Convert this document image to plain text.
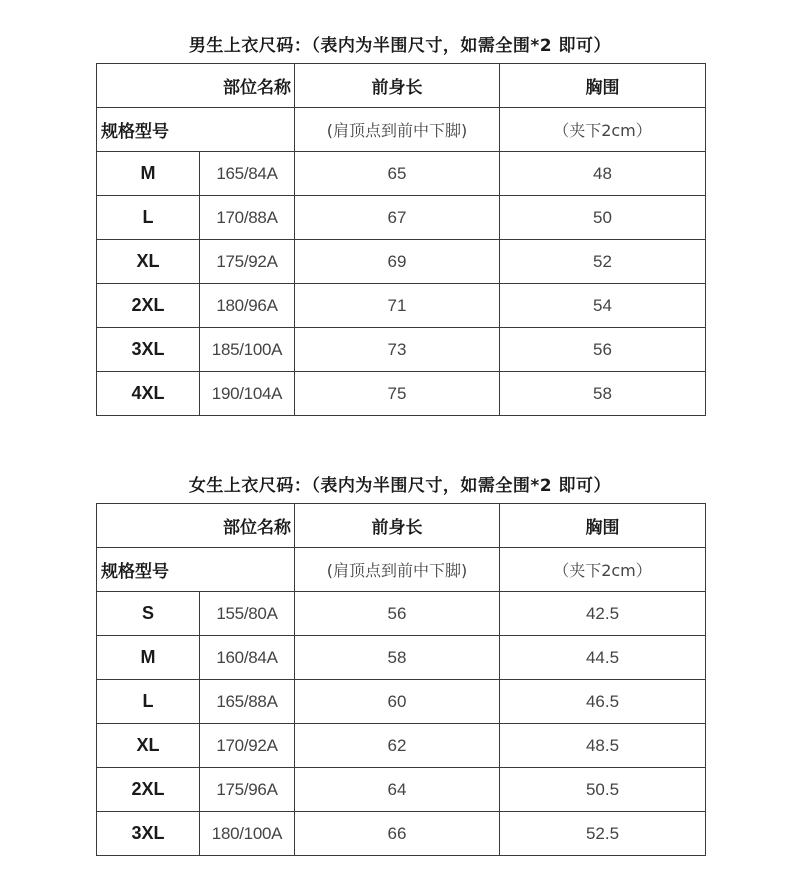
男生上衣尺码：（表内为半围尺寸，如需全围*2 即可）
部位名称		前身长	胸围
规格型号		(肩顶点到前中下脚)	（夹下2cm）
M	165/84A	65	48
L	170/88A	67	50
XL	175/92A	69	52
2XL	180/96A	71	54
3XL	185/100A	73	56
4XL	190/104A	75	58
女生上衣尺码：（表内为半围尺寸，如需全围*2 即可）
部位名称		前身长	胸围
规格型号		(肩顶点到前中下脚)	（夹下2cm）
S	155/80A	56	42.5
M	160/84A	58	44.5
L	165/88A	60	46.5
XL	170/92A	62	48.5
2XL	175/96A	64	50.5
3XL	180/100A	66	52.5
